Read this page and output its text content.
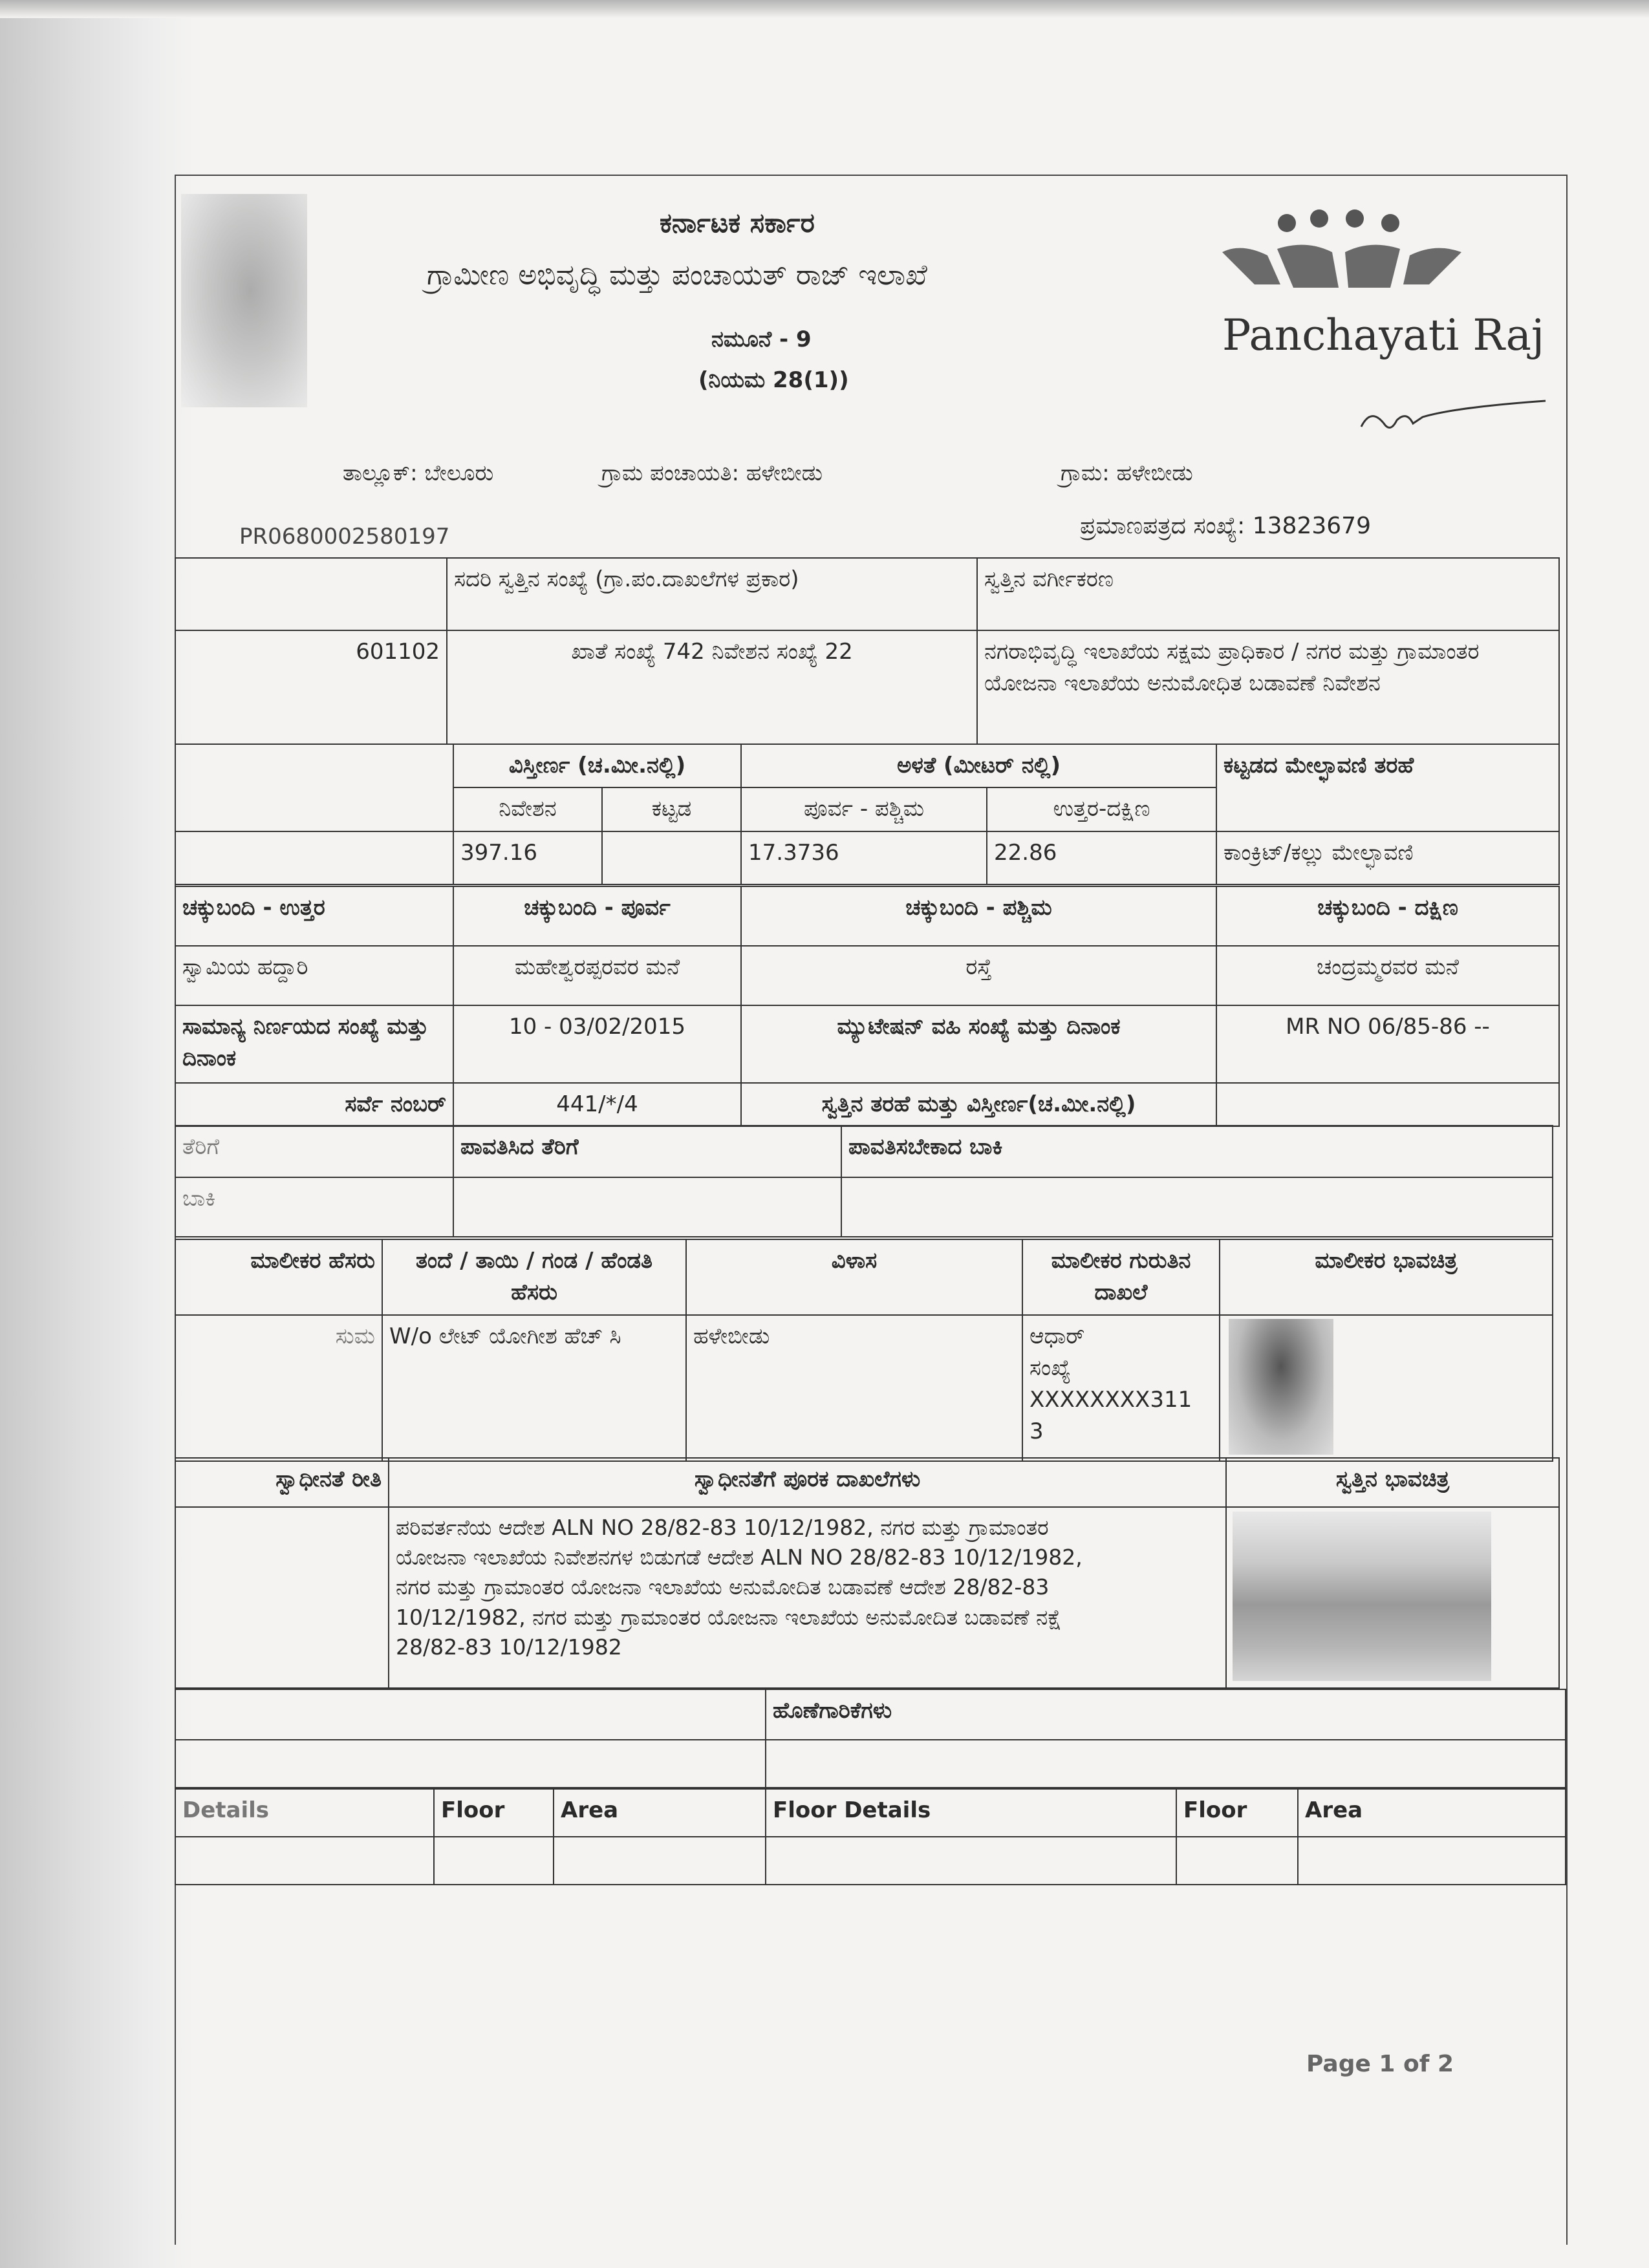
ಕರ್ನಾಟಕ ಸರ್ಕಾರ
ಗ್ರಾಮೀಣ ಅಭಿವೃದ್ಧಿ ಮತ್ತು ಪಂಚಾಯತ್ ರಾಜ್ ಇಲಾಖೆ
ನಮೂನೆ - 9
(ನಿಯಮ 28(1))
Panchayati Raj
ತಾಲ್ಲೂಕ್: ಬೇಲೂರು	ಗ್ರಾಮ ಪಂಚಾಯತಿ: ಹಳೇಬೀಡು	ಗ್ರಾಮ: ಹಳೇಬೀಡು
PR0680002580197	ಪ್ರಮಾಣಪತ್ರದ ಸಂಖ್ಯೆ: 13823679
	ಸದರಿ ಸ್ವತ್ತಿನ ಸಂಖ್ಯೆ (ಗ್ರಾ.ಪಂ.ದಾಖಲೆಗಳ ಪ್ರಕಾರ)	ಸ್ವತ್ತಿನ ವರ್ಗೀಕರಣ
601102	ಖಾತೆ ಸಂಖ್ಯೆ 742 ನಿವೇಶನ ಸಂಖ್ಯೆ 22	ನಗರಾಭಿವೃದ್ಧಿ ಇಲಾಖೆಯ ಸಕ್ಷಮ ಪ್ರಾಧಿಕಾರ / ನಗರ ಮತ್ತು ಗ್ರಾಮಾಂತರ ಯೋಜನಾ ಇಲಾಖೆಯ ಅನುಮೋಧಿತ ಬಡಾವಣೆ ನಿವೇಶನ
	ವಿಸ್ತೀರ್ಣ (ಚ.ಮೀ.ನಲ್ಲಿ)		ಅಳತೆ (ಮೀಟರ್ ನಲ್ಲಿ)		ಕಟ್ಟಡದ ಮೇಲ್ಛಾವಣಿ ತರಹೆ
	ನಿವೇಶನ	ಕಟ್ಟಡ	ಪೂರ್ವ - ಪಶ್ಚಿಮ	ಉತ್ತರ-ದಕ್ಷಿಣ	
	397.16		17.3736	22.86	ಕಾಂಕ್ರಿಟ್/ಕಲ್ಲು ಮೇಲ್ಛಾವಣಿ
ಚಕ್ಕುಬಂದಿ - ಉತ್ತರ	ಚಕ್ಕುಬಂದಿ - ಪೂರ್ವ	ಚಕ್ಕುಬಂದಿ - ಪಶ್ಚಿಮ	ಚಕ್ಕುಬಂದಿ - ದಕ್ಷಿಣ
ಸ್ವಾಮಿಯ ಹದ್ದಾರಿ	ಮಹೇಶ್ವರಪ್ಪರವರ ಮನೆ	ರಸ್ತೆ	ಚಂದ್ರಮ್ಮರವರ ಮನೆ
ಸಾಮಾನ್ಯ ನಿರ್ಣಯದ ಸಂಖ್ಯೆ ಮತ್ತು ದಿನಾಂಕ	10 - 03/02/2015	ಮ್ಯುಟೇಷನ್ ವಹಿ ಸಂಖ್ಯೆ ಮತ್ತು ದಿನಾಂಕ	MR NO 06/85-86 --
ಸರ್ವೆ ನಂಬರ್	441/*/4	ಸ್ವತ್ತಿನ ತರಹೆ ಮತ್ತು ವಿಸ್ತೀರ್ಣ(ಚ.ಮೀ.ನಲ್ಲಿ)	
ತೆರಿಗೆ	ಪಾವತಿಸಿದ ತೆರಿಗೆ	ಪಾವತಿಸಬೇಕಾದ ಬಾಕಿ
ಬಾಕಿ		
ಮಾಲೀಕರ ಹೆಸರು	ತಂದೆ / ತಾಯಿ / ಗಂಡ / ಹೆಂಡತಿ ಹೆಸರು	ವಿಳಾಸ	ಮಾಲೀಕರ ಗುರುತಿನ ದಾಖಲೆ	ಮಾಲೀಕರ ಭಾವಚಿತ್ರ
ಸುಮ	W/o ಲೇಟ್ ಯೋಗೀಶ ಹೆಚ್ ಸಿ	ಹಳೇಬೀಡು	ಆಧಾರ್
ಸಂಖ್ಯೆ
XXXXXXXX311
3	

ಸ್ವಾಧೀನತೆ ರೀತಿ	ಸ್ವಾಧೀನತೆಗೆ ಪೂರಕ ದಾಖಲೆಗಳು	ಸ್ವತ್ತಿನ ಭಾವಚಿತ್ರ

	ಪರಿವರ್ತನೆಯ ಆದೇಶ ALN NO 28/82-83 10/12/1982, ನಗರ ಮತ್ತು ಗ್ರಾಮಾಂತರ
ಯೋಜನಾ ಇಲಾಖೆಯ ನಿವೇಶನಗಳ ಬಿಡುಗಡೆ ಆದೇಶ ALN NO 28/82-83 10/12/1982,
ನಗರ ಮತ್ತು ಗ್ರಾಮಾಂತರ ಯೋಜನಾ ಇಲಾಖೆಯ ಅನುಮೋದಿತ ಬಡಾವಣೆ ಆದೇಶ 28/82-83
10/12/1982, ನಗರ ಮತ್ತು ಗ್ರಾಮಾಂತರ ಯೋಜನಾ ಇಲಾಖೆಯ ಅನುಮೋದಿತ ಬಡಾವಣೆ ನಕ್ಷೆ
28/82-83 10/12/1982	

	ಹೊಣೆಗಾರಿಕೆಗಳು

Details	Floor	Area	Floor Details	Floor	Area

Page 1 of 2
